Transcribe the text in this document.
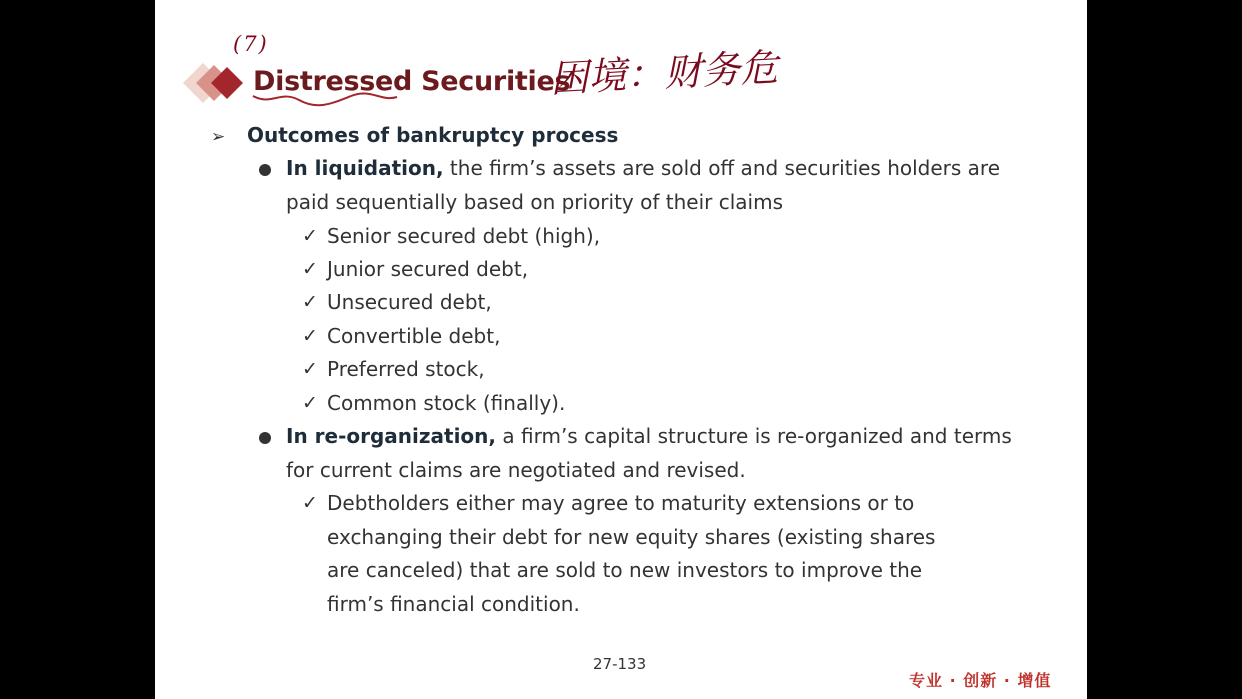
(7)
Distressed Securities
困境：财务危
➢ Outcomes of bankruptcy process
In liquidation, the firm’s assets are sold off and securities holders are paid sequentially based on priority of their claims
✓ Senior secured debt (high),
✓ Junior secured debt,
✓ Unsecured debt,
✓ Convertible debt,
✓ Preferred stock,
✓ Common stock (finally).
In re-organization, a firm’s capital structure is re-organized and terms for current claims are negotiated and revised.
✓ Debtholders either may agree to maturity extensions or to exchanging their debt for new equity shares (existing shares are canceled) that are sold to new investors to improve the firm’s financial condition.
27-133
专业 · 创新 · 增值
